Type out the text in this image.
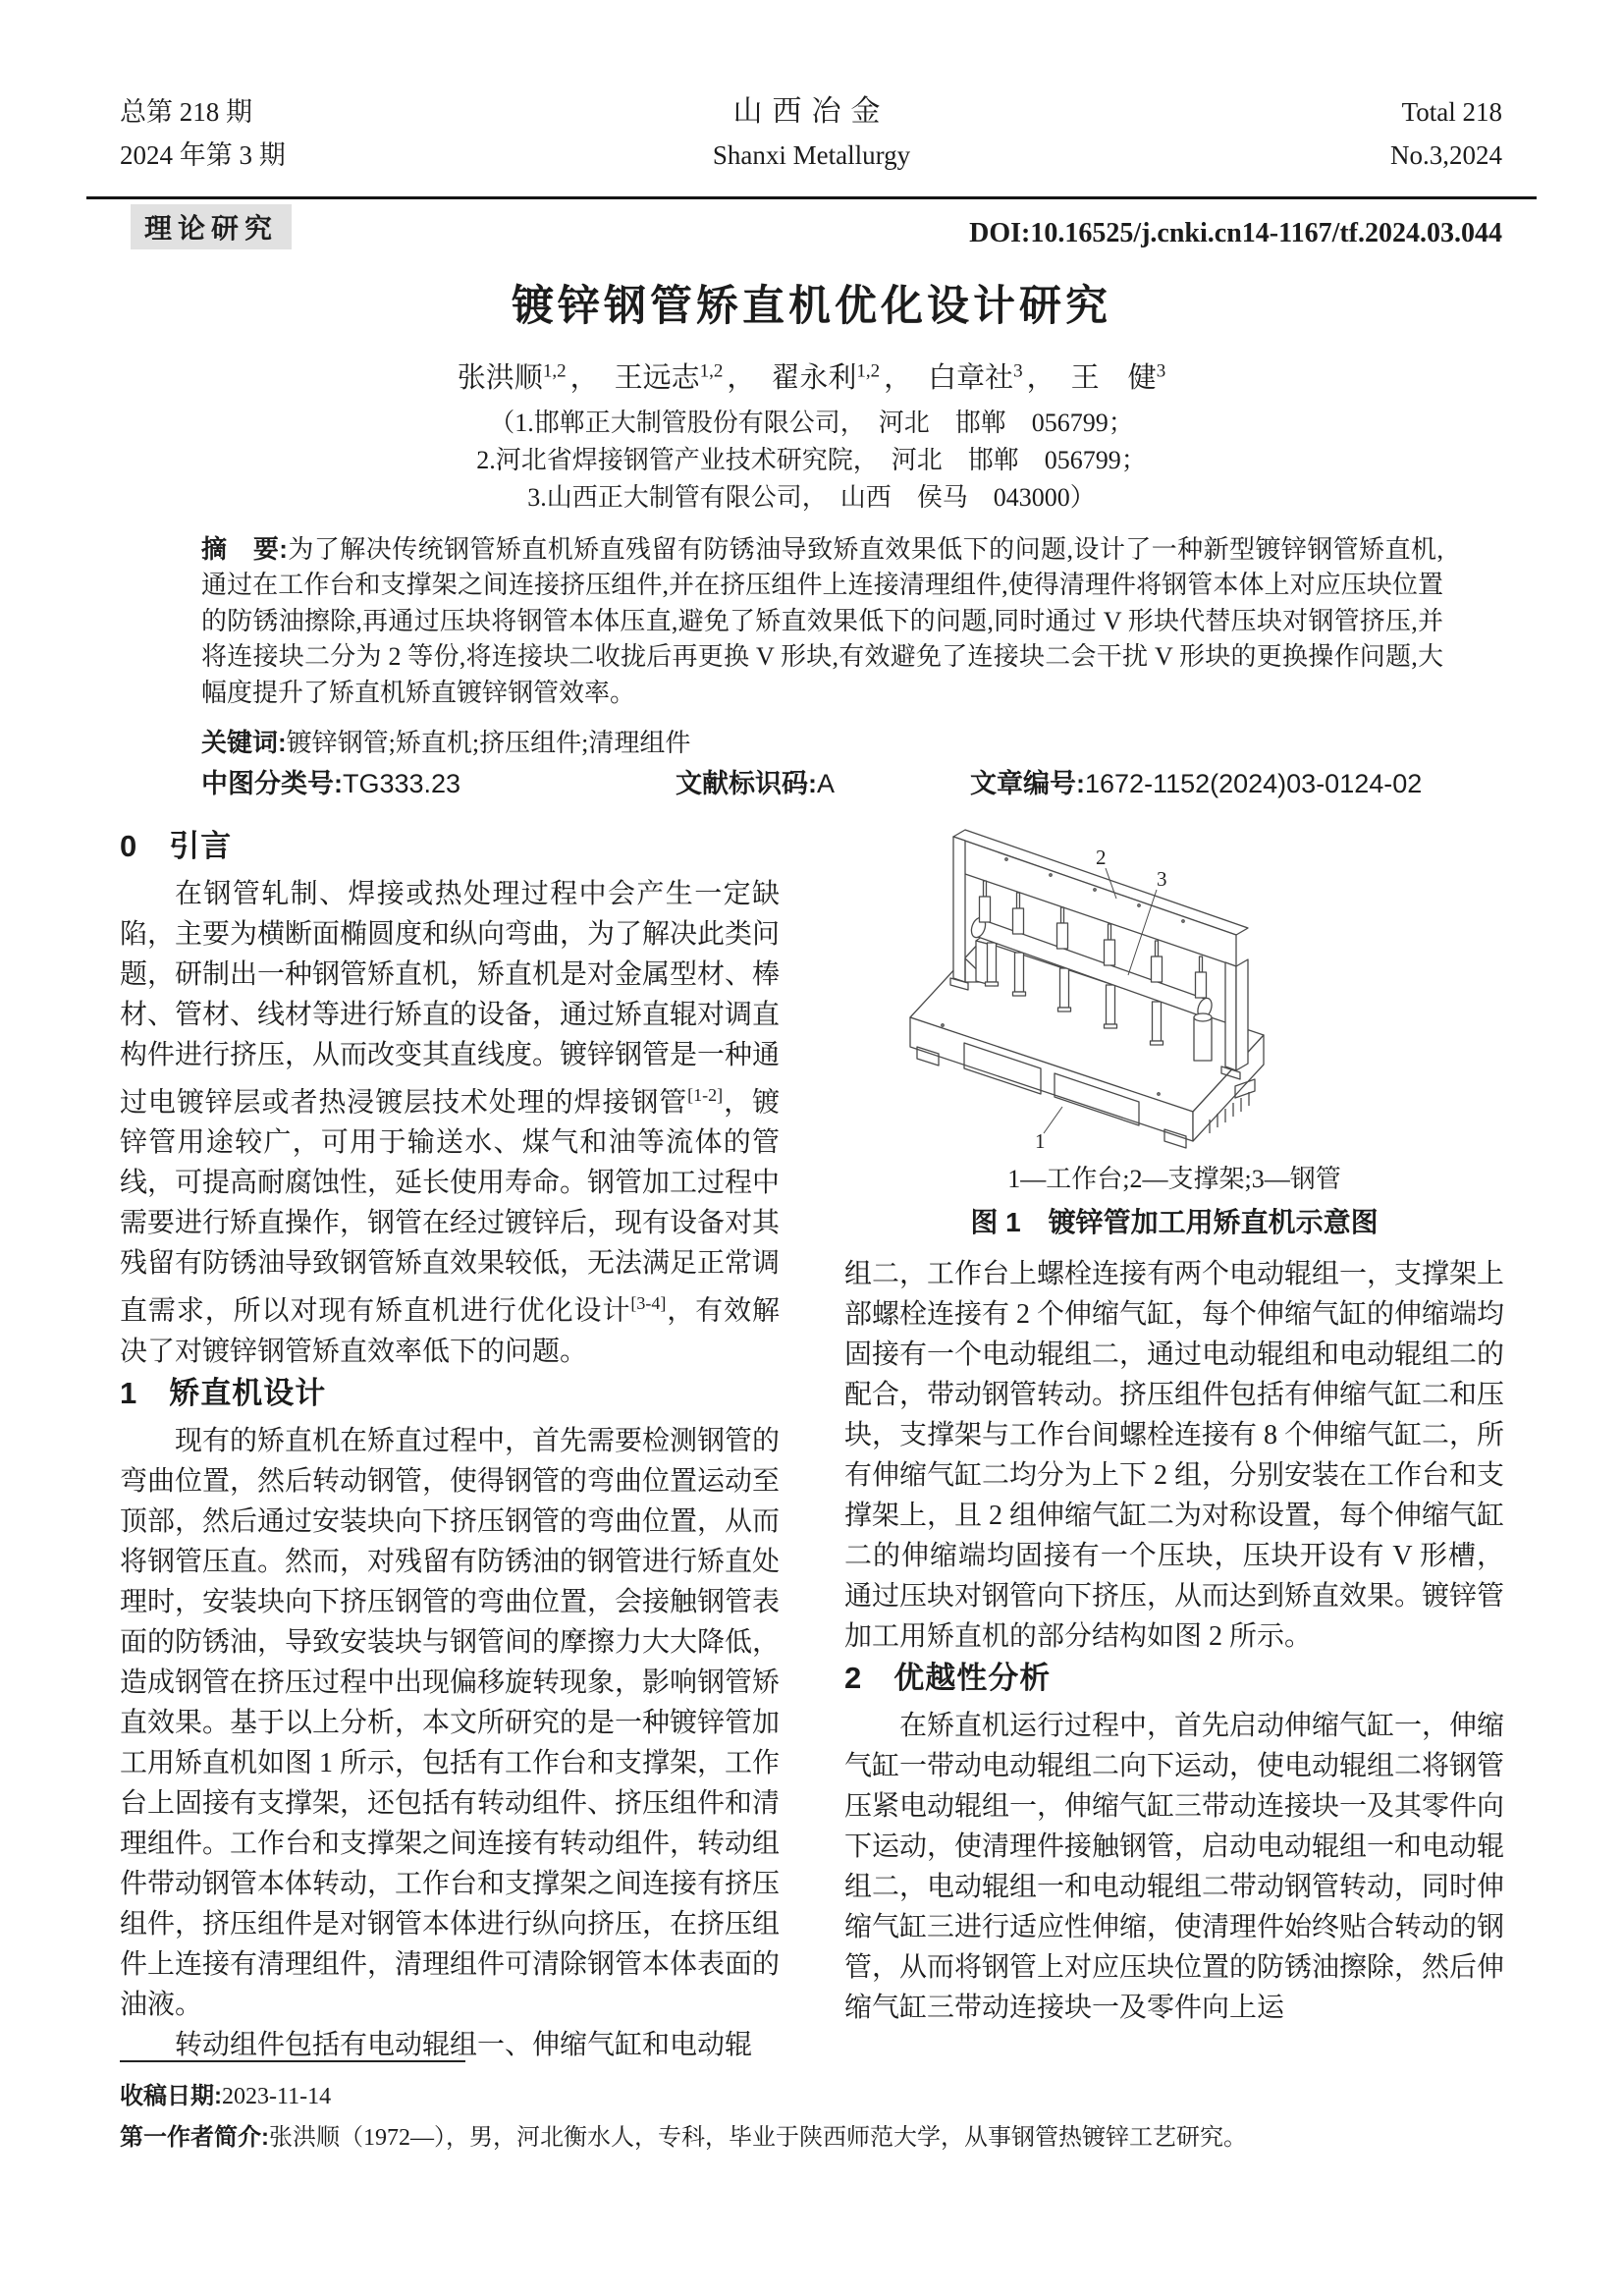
总第 218 期
2024 年第 3 期
山西冶金
Shanxi Metallurgy
Total 218
No.3,2024
理论研究	DOI:10.16525/j.cnki.cn14-1167/tf.2024.03.044
镀锌钢管矫直机优化设计研究
张洪顺$^{1,2}$ ， 王远志$^{1,2}$ ， 翟永利$^{1,2}$ ， 白章社$^3$ ， 王　健$^3$
（1.邯郸正大制管股份有限公司，　河北　邯郸　056799；
2.河北省焊接钢管产业技术研究院，　河北　邯郸　056799；
3.山西正大制管有限公司，　山西　侯马　043000）
摘　要:为了解决传统钢管矫直机矫直残留有防锈油导致矫直效果低下的问题,设计了一种新型镀锌钢管矫直机,通过在工作台和支撑架之间连接挤压组件,并在挤压组件上连接清理组件,使得清理件将钢管本体上对应压块位置的防锈油擦除,再通过压块将钢管本体压直,避免了矫直效果低下的问题,同时通过 V 形块代替压块对钢管挤压,并将连接块二分为 2 等份,将连接块二收拢后再更换 V 形块,有效避免了连接块二会干扰 V 形块的更换操作问题,大幅度提升了矫直机矫直镀锌钢管效率。
关键词:镀锌钢管;矫直机;挤压组件;清理组件
中图分类号:TG333.23	文献标识码:A	文章编号:1672-1152(2024)03-0124-02
0　引言

在钢管轧制、焊接或热处理过程中会产生一定缺陷，主要为横断面椭圆度和纵向弯曲，为了解决此类问题，研制出一种钢管矫直机，矫直机是对金属型材、棒材、管材、线材等进行矫直的设备，通过矫直辊对调直构件进行挤压，从而改变其直线度。镀锌钢管是一种通过电镀锌层或者热浸镀层技术处理的焊接钢管[1-2]，镀锌管用途较广，可用于输送水、煤气和油等流体的管线，可提高耐腐蚀性，延长使用寿命。钢管加工过程中需要进行矫直操作，钢管在经过镀锌后，现有设备对其残留有防锈油导致钢管矫直效果较低，无法满足正常调直需求，所以对现有矫直机进行优化设计[3-4]，有效解决了对镀锌钢管矫直效率低下的问题。

1　矫直机设计

现有的矫直机在矫直过程中，首先需要检测钢管的弯曲位置，然后转动钢管，使得钢管的弯曲位置运动至顶部，然后通过安装块向下挤压钢管的弯曲位置，从而将钢管压直。然而，对残留有防锈油的钢管进行矫直处理时，安装块向下挤压钢管的弯曲位置，会接触钢管表面的防锈油，导致安装块与钢管间的摩擦力大大降低，造成钢管在挤压过程中出现偏移旋转现象，影响钢管矫直效果。基于以上分析，本文所研究的是一种镀锌管加工用矫直机如图 1 所示，包括有工作台和支撑架，工作台上固接有支撑架，还包括有转动组件、挤压组件和清理组件。工作台和支撑架之间连接有转动组件，转动组件带动钢管本体转动，工作台和支撑架之间连接有挤压组件，挤压组件是对钢管本体进行纵向挤压，在挤压组件上连接有清理组件，清理组件可清除钢管本体表面的油液。

转动组件包括有电动辊组一、伸缩气缸和电动辊

2
3
1

1—工作台;2—支撑架;3—钢管

图 1　镀锌管加工用矫直机示意图

组二，工作台上螺栓连接有两个电动辊组一，支撑架上部螺栓连接有 2 个伸缩气缸，每个伸缩气缸的伸缩端均固接有一个电动辊组二，通过电动辊组和电动辊组二的配合，带动钢管转动。挤压组件包括有伸缩气缸二和压块，支撑架与工作台间螺栓连接有 8 个伸缩气缸二，所有伸缩气缸二均分为上下 2 组，分别安装在工作台和支撑架上，且 2 组伸缩气缸二为对称设置，每个伸缩气缸二的伸缩端均固接有一个压块，压块开设有 V 形槽，通过压块对钢管向下挤压，从而达到矫直效果。镀锌管加工用矫直机的部分结构如图 2 所示。

2　优越性分析

在矫直机运行过程中，首先启动伸缩气缸一，伸缩气缸一带动电动辊组二向下运动，使电动辊组二将钢管压紧电动辊组一，伸缩气缸三带动连接块一及其零件向下运动，使清理件接触钢管，启动电动辊组一和电动辊组二，电动辊组一和电动辊组二带动钢管转动，同时伸缩气缸三进行适应性伸缩，使清理件始终贴合转动的钢管，从而将钢管上对应压块位置的防锈油擦除，然后伸缩气缸三带动连接块一及零件向上运

收稿日期:2023-11-14
第一作者简介:张洪顺（1972—），男，河北衡水人，专科，毕业于陕西师范大学，从事钢管热镀锌工艺研究。
